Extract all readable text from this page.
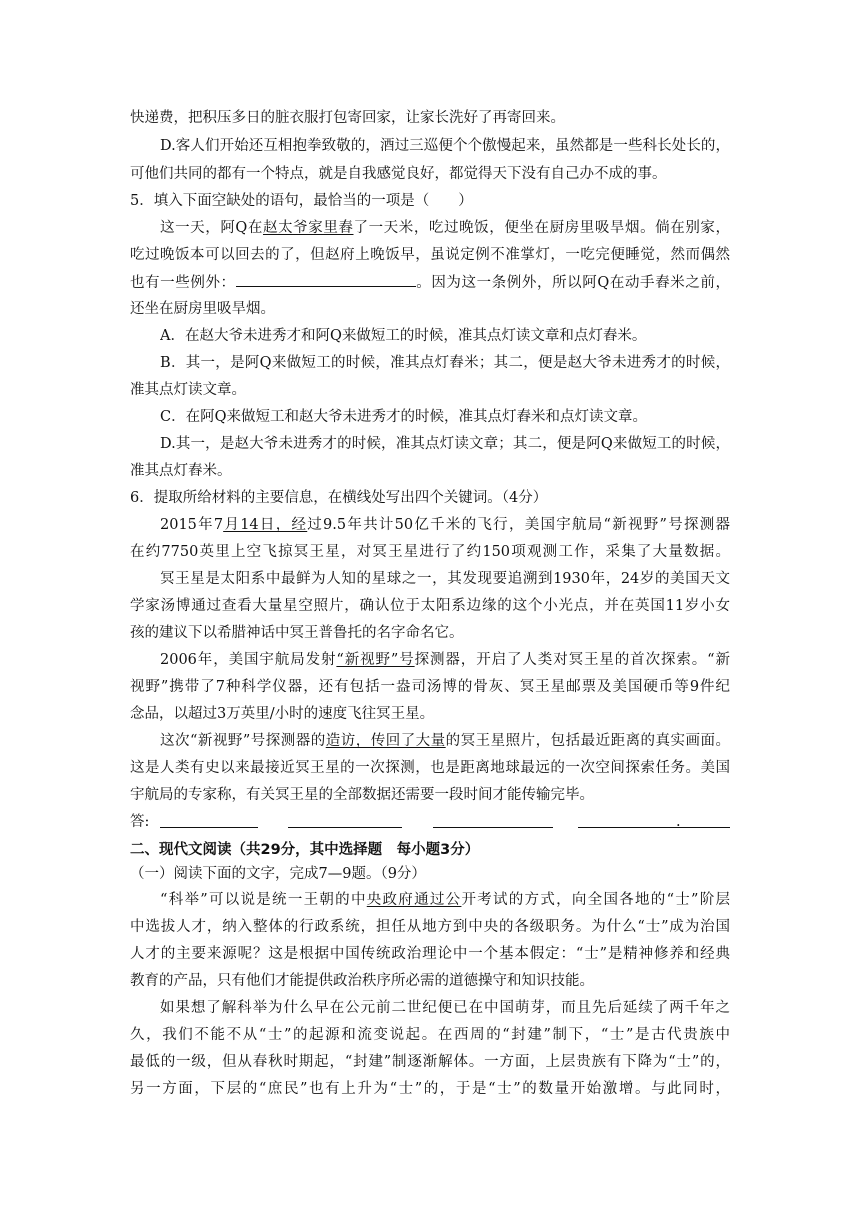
快递费，把积压多日的脏衣服打包寄回家，让家长洗好了再寄回来。
D.客人们开始还互相抱拳致敬的，酒过三巡便个个傲慢起来，虽然都是一些科长处长的，
可他们共同的都有一个特点，就是自我感觉良好，都觉得天下没有自己办不成的事。
5．填入下面空缺处的语句，最恰当的一项是（　　）
这一天，阿Q在赵太爷家里舂了一天米，吃过晚饭，便坐在厨房里吸旱烟。倘在别家，
吃过晚饭本可以回去的了，但赵府上晚饭早，虽说定例不准掌灯，一吃完便睡觉，然而偶然
也有一些例外：	。因为这一条例外，所以阿Q在动手舂米之前，
还坐在厨房里吸旱烟。
A．在赵大爷未进秀才和阿Q来做短工的时候，准其点灯读文章和点灯舂米。
B．其一，是阿Q来做短工的时候，准其点灯舂米；其二，便是赵大爷未进秀才的时候，
准其点灯读文章。
C．在阿Q来做短工和赵大爷未进秀才的时候，准其点灯舂米和点灯读文章。
D.其一，是赵大爷未进秀才的时候，准其点灯读文章；其二，便是阿Q来做短工的时候，
准其点灯舂米。
6．提取所给材料的主要信息，在横线处写出四个关键词。（4分）
2015年7月14日，经过9.5年共计50亿千米的飞行，美国宇航局“新视野”号探测器
在约7750英里上空飞掠冥王星，对冥王星进行了约150项观测工作，采集了大量数据。
冥王星是太阳系中最鲜为人知的星球之一，其发现要追溯到1930年，24岁的美国天文
学家汤博通过查看大量星空照片，确认位于太阳系边缘的这个小光点，并在英国11岁小女
孩的建议下以希腊神话中冥王普鲁托的名字命名它。
2006年，美国宇航局发射“新视野”号探测器，开启了人类对冥王星的首次探索。“新
视野”携带了7种科学仪器，还有包括一盎司汤博的骨灰、冥王星邮票及美国硬币等9件纪
念品，以超过3万英里/小时的速度飞往冥王星。
这次“新视野”号探测器的造访，传回了大量的冥王星照片，包括最近距离的真实画面。
这是人类有史以来最接近冥王星的一次探测，也是距离地球最远的一次空间探索任务。美国
宇航局的专家称，有关冥王星的全部数据还需要一段时间才能传输完毕。
答:	.
二、现代文阅读（共29分，其中选择题　每小题3分）
（一）阅读下面的文字，完成7—9题。（9分）
“科举”可以说是统一王朝的中央政府通过公开考试的方式，向全国各地的“士”阶层
中选拔人才，纳入整体的行政系统，担任从地方到中央的各级职务。为什么“士”成为治国
人才的主要来源呢？这是根据中国传统政治理论中一个基本假定：“士”是精神修养和经典
教育的产品，只有他们才能提供政治秩序所必需的道德操守和知识技能。
如果想了解科举为什么早在公元前二世纪便已在中国萌芽，而且先后延续了两千年之
久，我们不能不从“士”的起源和流变说起。在西周的“封建”制下，“士”是古代贵族中
最低的一级，但从春秋时期起，“封建”制逐渐解体。一方面，上层贵族有下降为“士”的，
另一方面，下层的“庶民”也有上升为“士”的，于是“士”的数量开始激增。与此同时，
